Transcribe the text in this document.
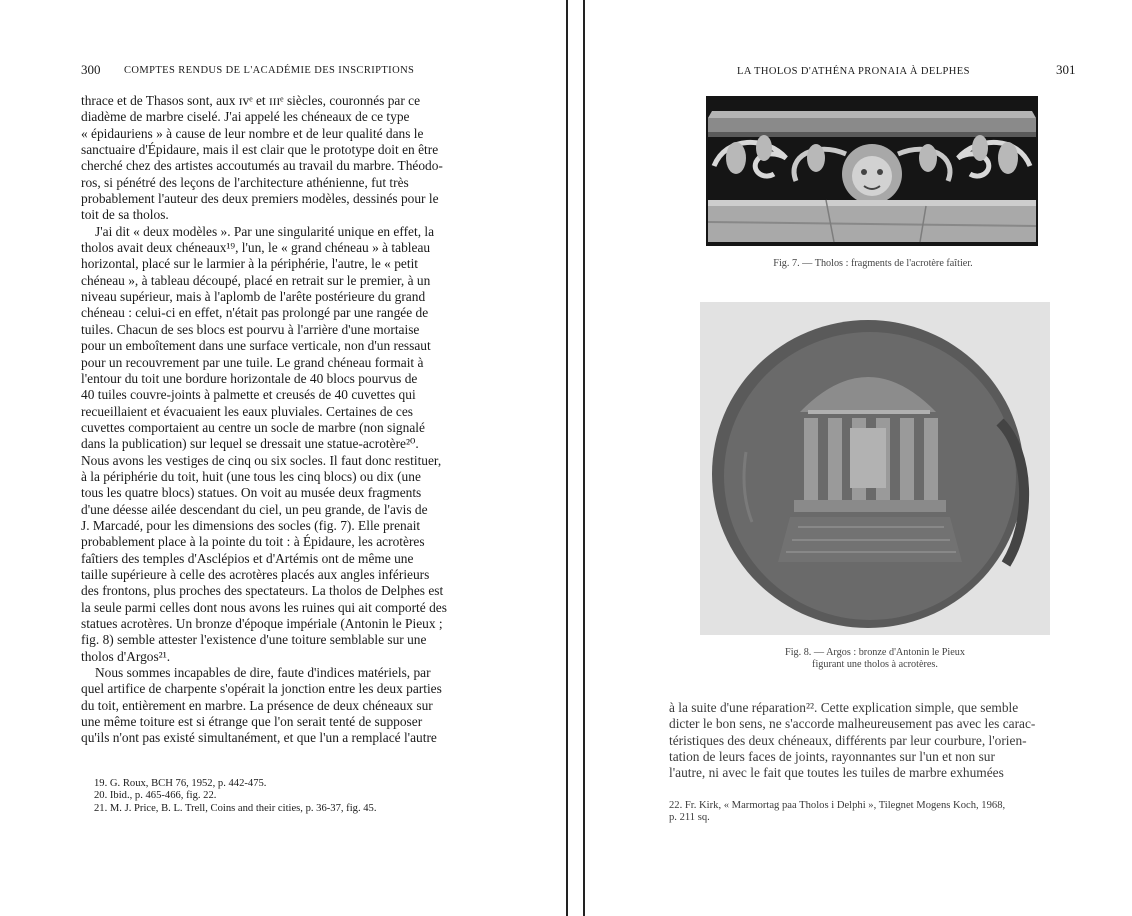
300 COMPTES RENDUS DE L'ACADÉMIE DES INSCRIPTIONS

thrace et de Thasos sont, aux ɪᴠᵉ et ɪɪɪᵉ siècles, couronnés par ce

diadème de marbre ciselé. J'ai appelé les chéneaux de ce type

« épidauriens » à cause de leur nombre et de leur qualité dans le

sanctuaire d'Épidaure, mais il est clair que le prototype doit en être

cherché chez des artistes accoutumés au travail du marbre. Théodo-

ros, si pénétré des leçons de l'architecture athénienne, fut très

probablement l'auteur des deux premiers modèles, dessinés pour le

toit de sa tholos.

J'ai dit « deux modèles ». Par une singularité unique en effet, la

tholos avait deux chéneaux¹⁹, l'un, le « grand chéneau » à tableau

horizontal, placé sur le larmier à la périphérie, l'autre, le « petit

chéneau », à tableau découpé, placé en retrait sur le premier, à un

niveau supérieur, mais à l'aplomb de l'arête postérieure du grand

chéneau : celui-ci en effet, n'était pas prolongé par une rangée de

tuiles. Chacun de ses blocs est pourvu à l'arrière d'une mortaise

pour un emboîtement dans une surface verticale, non d'un ressaut

pour un recouvrement par une tuile. Le grand chéneau formait à

l'entour du toit une bordure horizontale de 40 blocs pourvus de

40 tuiles couvre-joints à palmette et creusés de 40 cuvettes qui

recueillaient et évacuaient les eaux pluviales. Certaines de ces

cuvettes comportaient au centre un socle de marbre (non signalé

dans la publication) sur lequel se dressait une statue-acrotère²⁰.

Nous avons les vestiges de cinq ou six socles. Il faut donc restituer,

à la périphérie du toit, huit (une tous les cinq blocs) ou dix (une

tous les quatre blocs) statues. On voit au musée deux fragments

d'une déesse ailée descendant du ciel, un peu grande, de l'avis de

J. Marcadé, pour les dimensions des socles (fig. 7). Elle prenait

probablement place à la pointe du toit : à Épidaure, les acrotères

faîtiers des temples d'Asclépios et d'Artémis ont de même une

taille supérieure à celle des acrotères placés aux angles inférieurs

des frontons, plus proches des spectateurs. La tholos de Delphes est

la seule parmi celles dont nous avons les ruines qui ait comporté des

statues acrotères. Un bronze d'époque impériale (Antonin le Pieux ;

fig. 8) semble attester l'existence d'une toiture semblable sur une

tholos d'Argos²¹.

Nous sommes incapables de dire, faute d'indices matériels, par

quel artifice de charpente s'opérait la jonction entre les deux parties

du toit, entièrement en marbre. La présence de deux chéneaux sur

une même toiture est si étrange que l'on serait tenté de supposer

qu'ils n'ont pas existé simultanément, et que l'un a remplacé l'autre

19. G. Roux, BCH 76, 1952, p. 442-475.
20. Ibid., p. 465-466, fig. 22.
21. M. J. Price, B. L. Trell, Coins and their cities, p. 36-37, fig. 45.
LA THOLOS D'ATHÉNA PRONAIA À DELPHES	301
Fig. 7. — Tholos : fragments de l'acrotère faîtier.
Fig. 8. — Argos : bronze d'Antonin le Pieux
figurant une tholos à acrotères.

à la suite d'une réparation²². Cette explication simple, que semble

dicter le bon sens, ne s'accorde malheureusement pas avec les carac-

téristiques des deux chéneaux, différents par leur courbure, l'orien-

tation de leurs faces de joints, rayonnantes sur l'un et non sur

l'autre, ni avec le fait que toutes les tuiles de marbre exhumées

22. Fr. Kirk, « Marmortag paa Tholos i Delphi », Tilegnet Mogens Koch, 1968,
p. 211 sq.
